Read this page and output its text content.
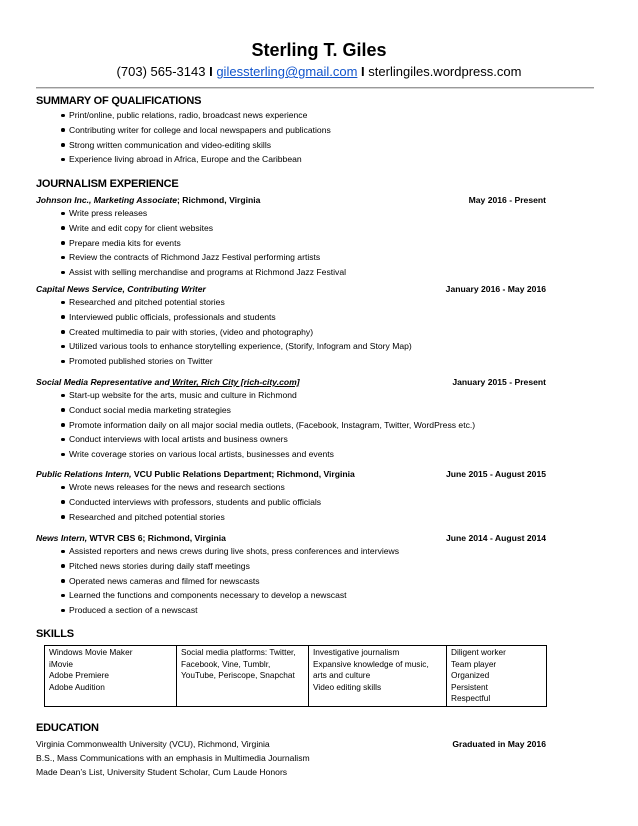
Sterling T. Giles
(703) 565-3143 I gilessterling@gmail.com I sterlingiles.wordpress.com
SUMMARY OF QUALIFICATIONS
Print/online, public relations, radio, broadcast news experience
Contributing writer for college and local newspapers and publications
Strong written communication and video-editing skills
Experience living abroad in Africa, Europe and the Caribbean
JOURNALISM EXPERIENCE
Johnson Inc., Marketing Associate; Richmond, Virginia	May 2016 - Present
Write press releases
Write and edit copy for client websites
Prepare media kits for events
Review the contracts of Richmond Jazz Festival performing artists
Assist with selling merchandise and programs at Richmond Jazz Festival
Capital News Service, Contributing Writer	January 2016 - May 2016
Researched and pitched potential stories
Interviewed public officials, professionals and students
Created multimedia to pair with stories, (video and photography)
Utilized various tools to enhance storytelling experience, (Storify, Infogram and Story Map)
Promoted published stories on Twitter
Social Media Representative and Writer, Rich City [rich-city.com]	January 2015 - Present
Start-up website for the arts, music and culture in Richmond
Conduct social media marketing strategies
Promote information daily on all major social media outlets, (Facebook, Instagram, Twitter, WordPress etc.)
Conduct interviews with local artists and business owners
Write coverage stories on various local artists, businesses and events
Public Relations Intern, VCU Public Relations Department; Richmond, Virginia	June 2015 - August 2015
Wrote news releases for the news and research sections
Conducted interviews with professors, students and public officials
Researched and pitched potential stories
News Intern, WTVR CBS 6; Richmond, Virginia	June 2014 - August 2014
Assisted reporters and news crews during live shots, press conferences and interviews
Pitched news stories during daily staff meetings
Operated news cameras and filmed for newscasts
Learned the functions and components necessary to develop a newscast
Produced a section of a newscast
SKILLS
Windows Movie Maker
iMovie
Adobe Premiere
Adobe Audition

Social media platforms: Twitter,
Facebook, Vine, Tumblr,
YouTube, Periscope, Snapchat

Investigative journalism
Expansive knowledge of music,
arts and culture
Video editing skills

Diligent worker
Team player
Organized
Persistent
Respectful
EDUCATION
Virginia Commonwealth University (VCU), Richmond, Virginia	Graduated in May 2016
B.S., Mass Communications with an emphasis in Multimedia Journalism
Made Dean’s List, University Student Scholar, Cum Laude Honors
